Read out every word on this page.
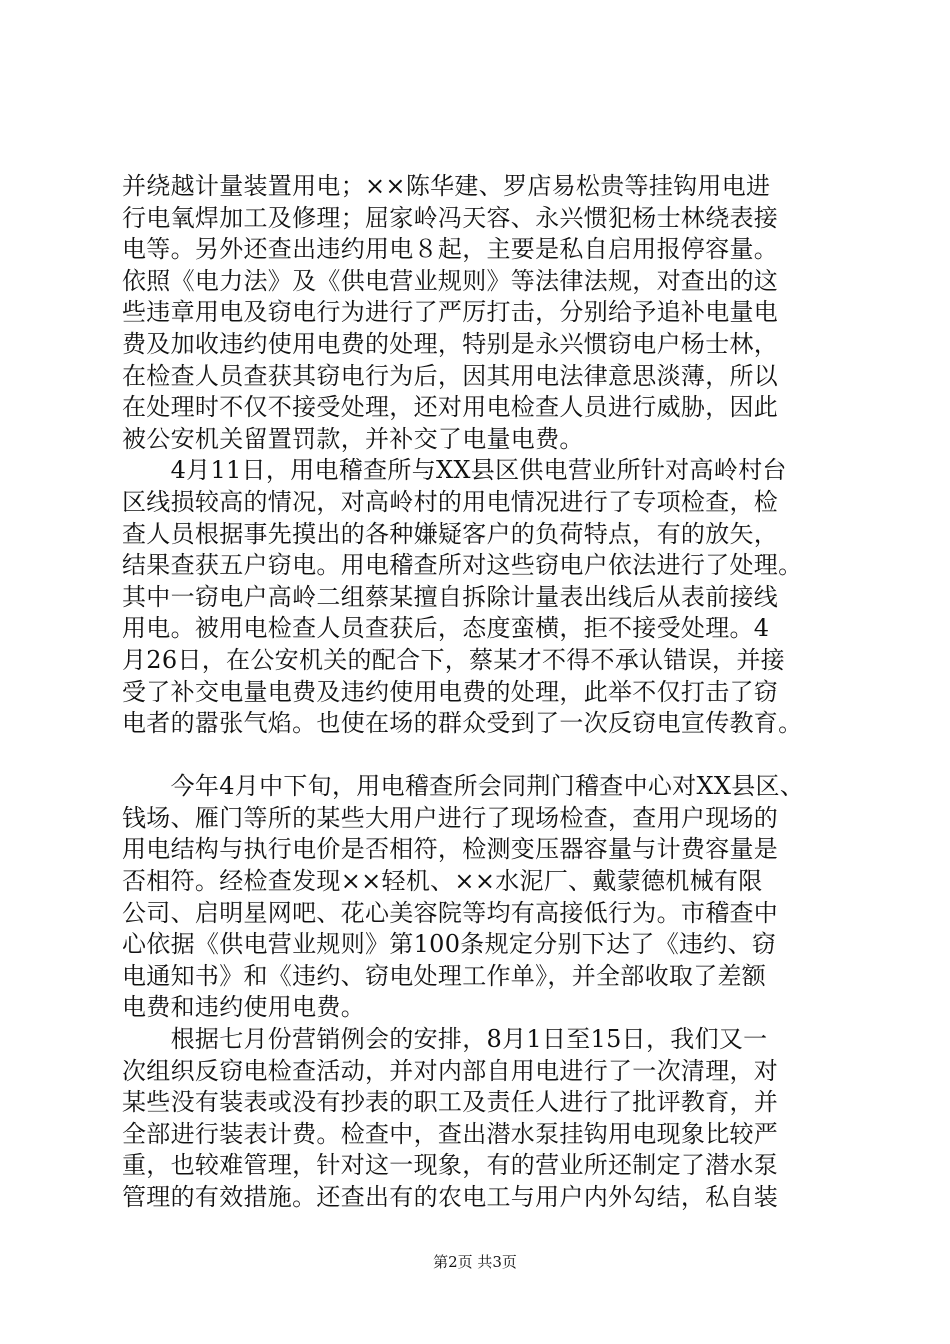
并绕越计量装置用电；××陈华建、罗店易松贵等挂钩用电进
行电氧焊加工及修理；屈家岭冯天容、永兴惯犯杨士林绕表接
电等。另外还查出违约用电８起，主要是私自启用报停容量。
依照《电力法》及《供电营业规则》等法律法规，对查出的这
些违章用电及窃电行为进行了严厉打击，分别给予追补电量电
费及加收违约使用电费的处理，特别是永兴惯窃电户杨士林，
在检查人员查获其窃电行为后，因其用电法律意思淡薄，所以
在处理时不仅不接受处理，还对用电检查人员进行威胁，因此
被公安机关留置罚款，并补交了电量电费。
　　4月11日，用电稽查所与XX县区供电营业所针对高岭村台
区线损较高的情况，对高岭村的用电情况进行了专项检查，检
查人员根据事先摸出的各种嫌疑客户的负荷特点，有的放矢，
结果查获五户窃电。用电稽查所对这些窃电户依法进行了处理。
其中一窃电户高岭二组蔡某擅自拆除计量表出线后从表前接线
用电。被用电检查人员查获后，态度蛮横，拒不接受处理。4
月26日，在公安机关的配合下，蔡某才不得不承认错误，并接
受了补交电量电费及违约使用电费的处理，此举不仅打击了窃
电者的嚣张气焰。也使在场的群众受到了一次反窃电宣传教育。
　　今年4月中下旬，用电稽查所会同荆门稽查中心对XX县区、
钱场、雁门等所的某些大用户进行了现场检查，查用户现场的
用电结构与执行电价是否相符，检测变压器容量与计费容量是
否相符。经检查发现××轻机、××水泥厂、戴蒙德机械有限
公司、启明星网吧、花心美容院等均有高接低行为。市稽查中
心依据《供电营业规则》第100条规定分别下达了《违约、窃
电通知书》和《违约、窃电处理工作单》，并全部收取了差额
电费和违约使用电费。
　　根据七月份营销例会的安排，8月1日至15日，我们又一
次组织反窃电检查活动，并对内部自用电进行了一次清理，对
某些没有装表或没有抄表的职工及责任人进行了批评教育，并
全部进行装表计费。检查中，查出潜水泵挂钩用电现象比较严
重，也较难管理，针对这一现象，有的营业所还制定了潜水泵
管理的有效措施。还查出有的农电工与用户内外勾结，私自装
第2页 共3页
